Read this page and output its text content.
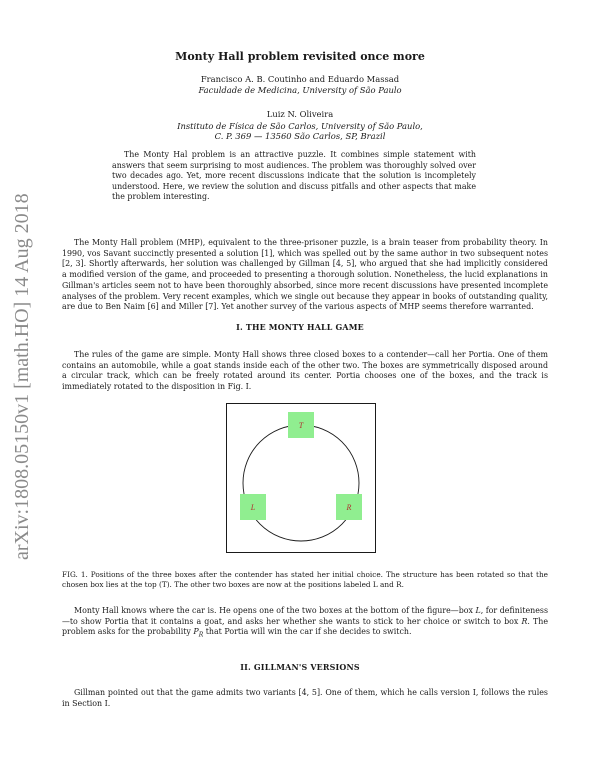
arXiv:1808.05150v1 [math.HO] 14 Aug 2018
Monty Hall problem revisited once more
Francisco A. B. Coutinho and Eduardo Massad
Faculdade de Medicina, University of São Paulo
Luiz N. Oliveira
Instituto de Física de São Carlos, University of São Paulo,
C. P. 369 — 13560 São Carlos, SP, Brazil

The Monty Hal problem is an attractive puzzle. It combines simple statement with answers that seem surprising to most audiences. The problem was thoroughly solved over two decades ago. Yet, more recent discussions indicate that the solution is incompletely understood. Here, we review the solution and discuss pitfalls and other aspects that make the problem interesting.

The Monty Hall problem (MHP), equivalent to the three-prisoner puzzle, is a brain teaser from probability theory. In 1990, vos Savant succinctly presented a solution [1], which was spelled out by the same author in two subsequent notes [2, 3]. Shortly afterwards, her solution was challenged by Gillman [4, 5], who argued that she had implicitly considered a modified version of the game, and proceeded to presenting a thorough solution. Nonetheless, the lucid explanations in Gillman's articles seem not to have been thoroughly absorbed, since more recent discussions have presented incomplete analyses of the problem. Very recent examples, which we single out because they appear in books of outstanding quality, are due to Ben Naim [6] and Miller [7]. Yet another survey of the various aspects of MHP seems therefore warranted.

I. THE MONTY HALL GAME

The rules of the game are simple. Monty Hall shows three closed boxes to a contender—call her Portia. One of them contains an automobile, while a goat stands inside each of the other two. The boxes are symmetrically disposed around a circular track, which can be freely rotated around its center. Portia chooses one of the boxes, and the track is immediately rotated to the disposition in Fig. I.

T
L	R

FIG. 1. Positions of the three boxes after the contender has stated her initial choice. The structure has been rotated so that the chosen box lies at the top (T). The other two boxes are now at the positions labeled L and R.

Monty Hall knows where the car is. He opens one of the two boxes at the bottom of the figure—box L, for definiteness—to show Portia that it contains a goat, and asks her whether she wants to stick to her choice or switch to box R. The problem asks for the probability $P_R$ that Portia will win the car if she decides to switch.

II. GILLMAN'S VERSIONS

Gillman pointed out that the game admits two variants [4, 5]. One of them, which he calls version I, follows the rules in Section I.
